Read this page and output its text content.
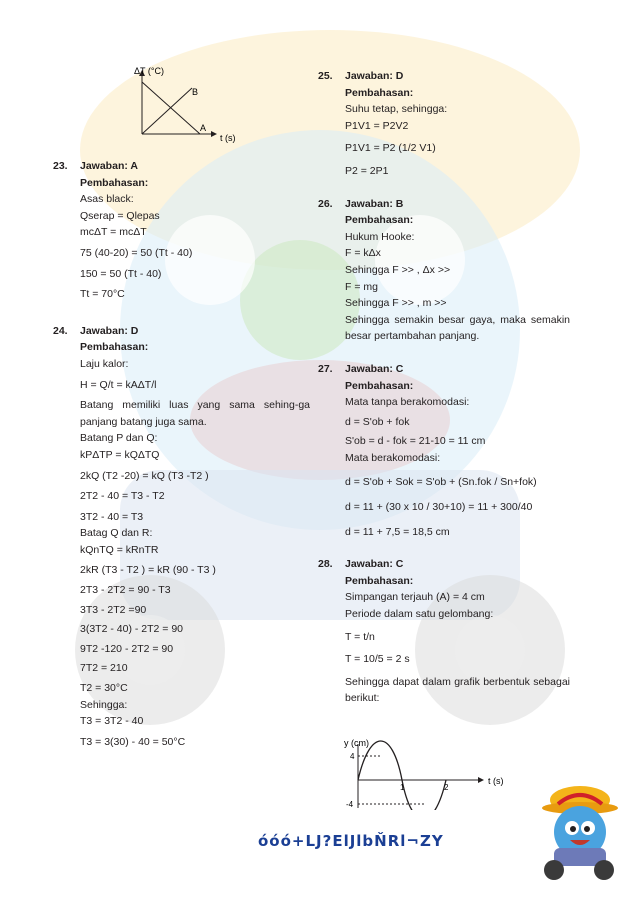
ΔT (°C)
t (s)
A
B
23. Jawaban: A
Pembahasan:
Asas black:
Qserap = Qlepas
mcΔT = mcΔT
75 (40-20) = 50 (Tt - 40)
150 = 50 (Tt - 40)
Tt = 70°C
24. Jawaban: D
Pembahasan:
Laju kalor:
H = Q/t = kAΔT/l
Batang memiliki luas yang sama sehing-ga panjang batang juga sama.
Batang P dan Q:
kPΔTP = kQΔTQ
2kQ (T2 -20) = kQ (T3 -T2 )
2T2 - 40 = T3 - T2
3T2 - 40 = T3
Batag Q dan R:
kQnTQ = kRnTR
2kR (T3 - T2 ) = kR (90 - T3 )
2T3 - 2T2 = 90 - T3
3T3 - 2T2 =90
3(3T2 - 40) - 2T2 = 90
9T2 -120 - 2T2 = 90
7T2 = 210
T2 = 30°C
Sehingga:
T3 = 3T2 - 40
T3 = 3(30) - 40 = 50°C
25. Jawaban: D
Pembahasan:
Suhu tetap, sehingga:
P1V1 = P2V2
P1V1 = P2 (1/2 V1)
P2 = 2P1
26. Jawaban: B
Pembahasan:
Hukum Hooke:
F = kΔx
Sehingga F >> , Δx >>
F = mg
Sehingga F >> , m >>
Sehingga semakin besar gaya, maka semakin besar pertambahan panjang.
27. Jawaban: C
Pembahasan:
Mata tanpa berakomodasi:
d = S'ob + fok
S'ob = d - fok = 21-10 = 11 cm
Mata berakomodasi:
d = S'ob + Sok = S'ob + (Sn.fok / Sn+fok)
d = 11 + (30 x 10 / 30+10) = 11 + 300/40
d = 11 + 7,5 = 18,5 cm
28. Jawaban: C
Pembahasan:
Simpangan terjauh (A) = 4 cm
Periode dalam satu gelombang:
T = t/n
T = 10/5 = 2 s
Sehingga dapat dalam grafik berbentuk sebagai berikut:
y (cm)
t (s)
4
-4
1	2
óóó+LJ?ElJlbŇRl¬ZY
